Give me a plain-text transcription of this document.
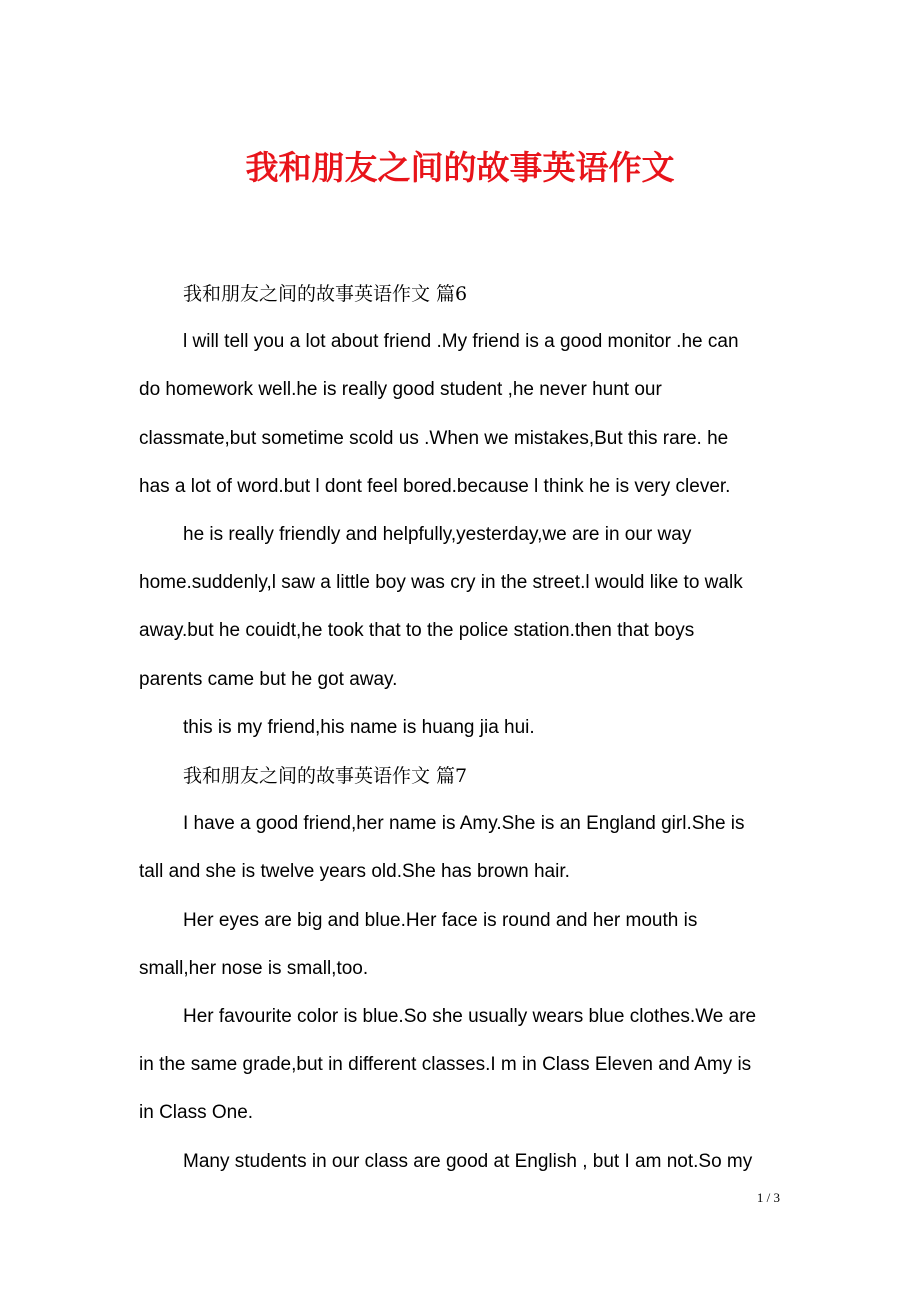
我和朋友之间的故事英语作文

我和朋友之间的故事英语作文 篇6

l will tell you a lot about friend .My friend is a good monitor .he can
do homework well.he is really good student ,he never hunt our
classmate,but sometime scold us .When we mistakes,But this rare. he
has a lot of word.but l dont feel bored.because l think he is very clever.

he is really friendly and helpfully,yesterday,we are in our way
home.suddenly,l saw a little boy was cry in the street.l would like to walk
away.but he couidt,he took that to the police station.then that boys
parents came but he got away.

this is my friend,his name is huang jia hui.

我和朋友之间的故事英语作文 篇7

I have a good friend,her name is Amy.She is an England girl.She is
tall and she is twelve years old.She has brown hair.

Her eyes are big and blue.Her face is round and her mouth is
small,her nose is small,too.

Her favourite color is blue.So she usually wears blue clothes.We are
in the same grade,but in different classes.I m in Class Eleven and Amy is
in Class One.

Many students in our class are good at English , but I am not.So my

1 / 3
